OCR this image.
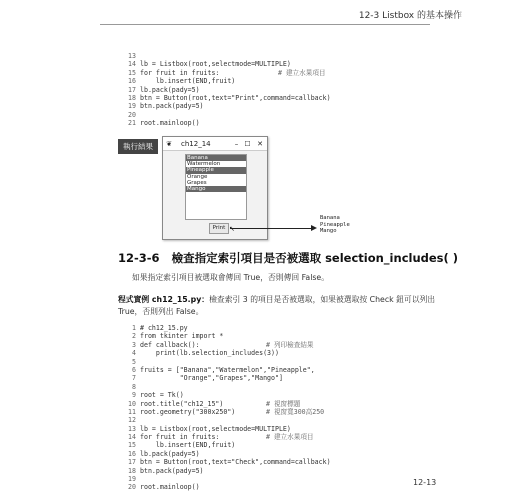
12-3 Listbox 的基本操作
13
14 lb = Listbox(root,selectmode=MULTIPLE)
15 for fruit in fruits:	# 建立水果項目
16    lb.insert(END,fruit)
17 lb.pack(pady=5)
18 btn = Button(root,text="Print",command=callback)
19 btn.pack(pady=5)
20
21 root.mainloop()
執行結果	❦	ch12_14	– ☐ ✕
Banana
Watermelon
Pineapple
Orange
Grapes
Mango
Print ↖
Banana
Pineapple
Mango
12-3-6 檢查指定索引項目是否被選取 selection_includes( )
如果指定索引項目被選取會傳回 True，否則傳回 False。
程式實例 ch12_15.py：檢查索引 3 的項目是否被選取，如果被選取按 Check 鈕可以列出 True，否則列出 False。
1 # ch12_15.py
2 from tkinter import *
3 def callback():	# 列印檢查結果
4    print(lb.selection_includes(3))
5
6 fruits = ["Banana","Watermelon","Pineapple",
7          "Orange","Grapes","Mango"]
8
9 root = Tk()
10 root.title("ch12_15")	# 視窗標題
11 root.geometry("300x250")	# 視窗寬300高250
12
13 lb = Listbox(root,selectmode=MULTIPLE)
14 for fruit in fruits:	# 建立水果項目
15    lb.insert(END,fruit)
16 lb.pack(pady=5)
17 btn = Button(root,text="Check",command=callback)
18 btn.pack(pady=5)
19
20 root.mainloop()
12-13
